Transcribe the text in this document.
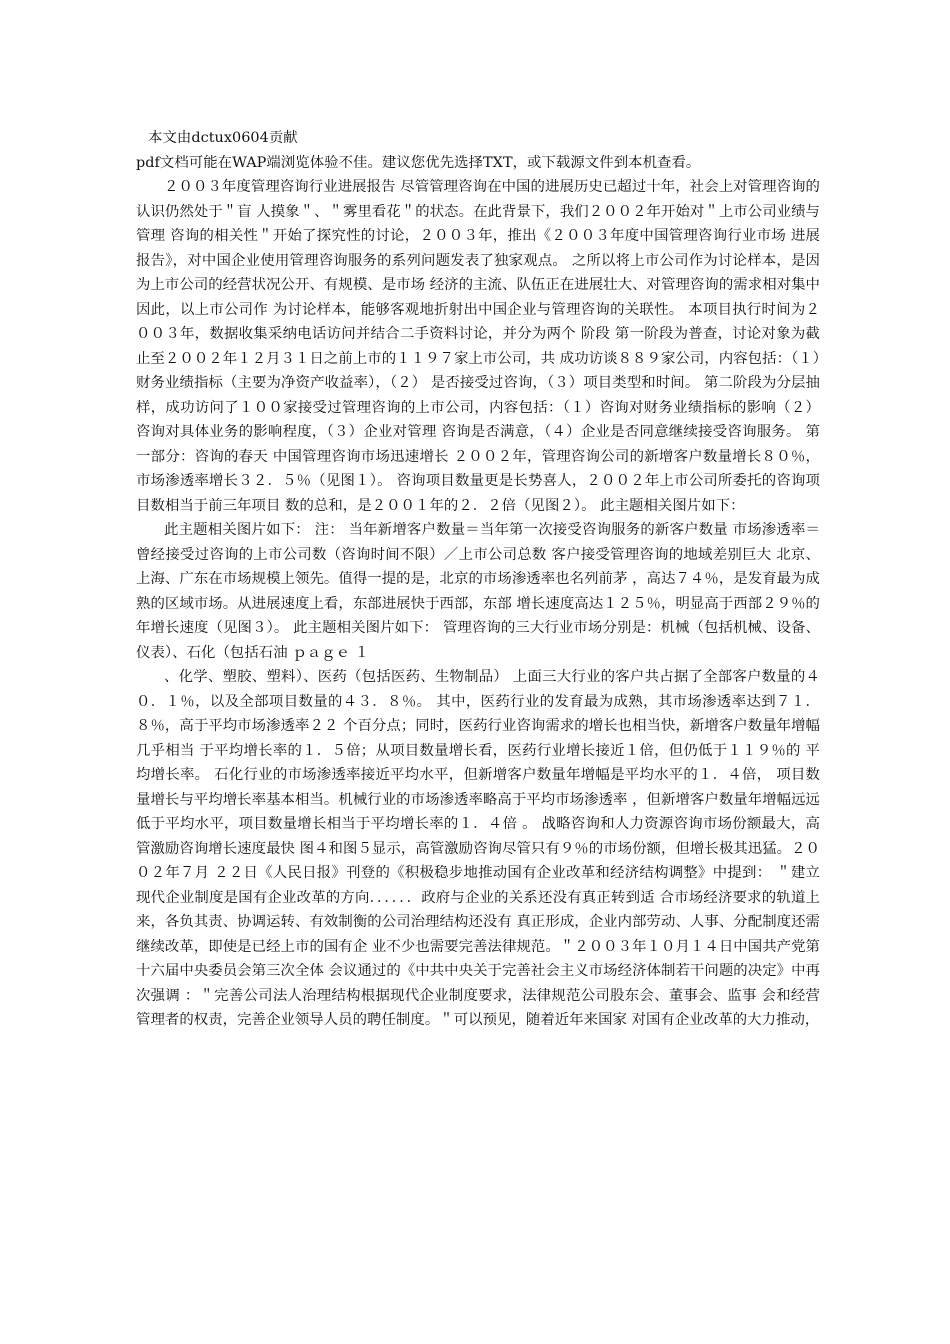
本文由dctux0604贡献

pdf文档可能在WAP端浏览体验不佳。建议您优先选择TXT，或下载源文件到本机查看。

２００３年度管理咨询行业进展报告 尽管管理咨询在中国的进展历史已超过十年，社会上对管理咨询的认识仍然处于＂盲 人摸象＂、＂雾里看花＂的状态。在此背景下，我们２００２年开始对＂上市公司业绩与管理 咨询的相关性＂开始了探究性的讨论，２００３年，推出《２００３年度中国管理咨询行业市场 进展报告》，对中国企业使用管理咨询服务的系列问题发表了独家观点。 之所以将上市公司作为讨论样本，是因为上市公司的经营状况公开、有规模、是市场 经济的主流、队伍正在进展壮大、对管理咨询的需求相对集中因此，以上市公司作 为讨论样本，能够客观地折射出中国企业与管理咨询的关联性。 本项目执行时间为２００３年，数据收集采纳电话访问并结合二手资料讨论，并分为两个 阶段 第一阶段为普查，讨论对象为截止至２００２年１２月３１日之前上市的１１９７家上市公司，共 成功访谈８８９家公司，内容包括：（１）财务业绩指标（主要为净资产收益率），（２） 是否接受过咨询，（３）项目类型和时间。 第二阶段为分层抽样，成功访问了１００家接受过管理咨询的上市公司，内容包括：（１）咨询对财务业绩指标的影响（２）咨询对具体业务的影响程度，（３）企业对管理 咨询是否满意，（４）企业是否同意继续接受咨询服务。 第一部分：咨询的春天 中国管理咨询市场迅速增长 ２００２年，管理咨询公司的新增客户数量增长８０％，市场渗透率增长３２．５％（见图１）。 咨询项目数量更是长势喜人，２００２年上市公司所委托的咨询项目数相当于前三年项目 数的总和，是２００１年的２．２倍（见图２）。 此主题相关图片如下：

此主题相关图片如下： 注： 当年新增客户数量＝当年第一次接受咨询服务的新客户数量 市场渗透率＝曾经接受过咨询的上市公司数（咨询时间不限）／上市公司总数 客户接受管理咨询的地域差别巨大 北京、上海、广东在市场规模上领先。值得一提的是，北京的市场渗透率也名列前茅 ，高达７４％，是发育最为成熟的区域市场。从进展速度上看，东部进展快于西部，东部 增长速度高达１２５％，明显高于西部２９％的年增长速度（见图３）。 此主题相关图片如下： 管理咨询的三大行业市场分别是：机械（包括机械、设备、仪表）、石化（包括石油 ｐａｇｅ １

、化学、塑胶、塑料）、医药（包括医药、生物制品） 上面三大行业的客户共占据了全部客户数量的４０．１％，以及全部项目数量的４３．８％。 其中，医药行业的发育最为成熟，其市场渗透率达到７１．８％，高于平均市场渗透率２２ 个百分点；同时，医药行业咨询需求的增长也相当快，新增客户数量年增幅几乎相当 于平均增长率的１．５倍；从项目数量增长看，医药行业增长接近１倍，但仍低于１１９％的 平均增长率。 石化行业的市场渗透率接近平均水平，但新增客户数量年增幅是平均水平的１．４倍， 项目数量增长与平均增长率基本相当。机械行业的市场渗透率略高于平均市场渗透率 ，但新增客户数量年增幅远远低于平均水平，项目数量增长相当于平均增长率的１．４倍 。 战略咨询和人力资源咨询市场份额最大，高管激励咨询增长速度最快 图４和图５显示，高管激励咨询尽管只有９％的市场份额，但增长极其迅猛。２００２年７月 ２２日《人民日报》刊登的《积极稳步地推动国有企业改革和经济结构调整》中提到： ＂建立现代企业制度是国有企业改革的方向．．．．．．政府与企业的关系还没有真正转到适 合市场经济要求的轨道上来，各负其责、协调运转、有效制衡的公司治理结构还没有 真正形成，企业内部劳动、人事、分配制度还需继续改革，即使是已经上市的国有企 业不少也需要完善法律规范。＂２００３年１０月１４日中国共产党第十六届中央委员会第三次全体 会议通过的《中共中央关于完善社会主义市场经济体制若干问题的决定》中再次强调 ：＂完善公司法人治理结构根据现代企业制度要求，法律规范公司股东会、董事会、监事 会和经营管理者的权责，完善企业领导人员的聘任制度。＂可以预见，随着近年来国家 对国有企业改革的大力推动，
